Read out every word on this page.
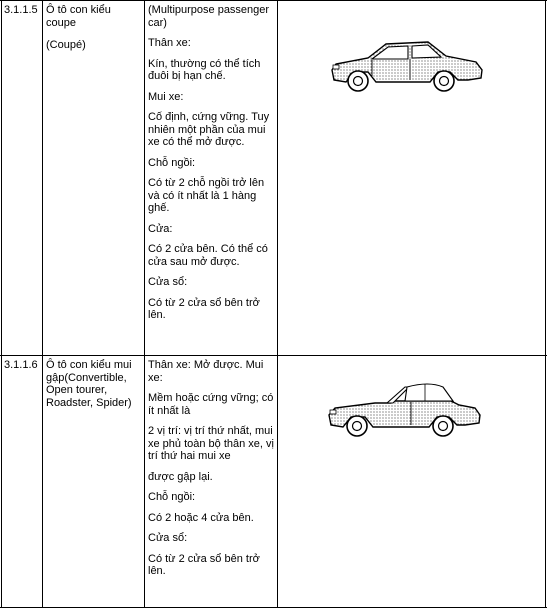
3.1.1.5 Ô tô con kiểu coupe

(Coupé)

(Multipurpose passenger car)

Thân xe:

Kín, thường có thể tích đuôi bị hạn chế.

Mui xe:

Cố định, cứng vững. Tuy nhiên một phần của mui xe có thể mở được.

Chỗ ngồi:

Có từ 2 chỗ ngồi trở lên và có ít nhất là 1 hàng ghế.

Cửa:

Có 2 cửa bên. Có thể có cửa sau mở được.

Cửa sổ:

Có từ 2 cửa sổ bên trở lên.

3.1.1.6 Ô tô con kiểu mui gập(Convertible, Open tourer, Roadster, Spider)

Thân xe: Mở được. Mui xe:

Mềm hoặc cứng vững; có ít nhất là

2 vị trí: vị trí thứ nhất, mui xe phủ toàn bộ thân xe, vị trí thứ hai mui xe

được gập lại.

Chỗ ngồi:

Có 2 hoặc 4 cửa bên.

Cửa sổ:

Có từ 2 cửa sổ bên trở lên.
